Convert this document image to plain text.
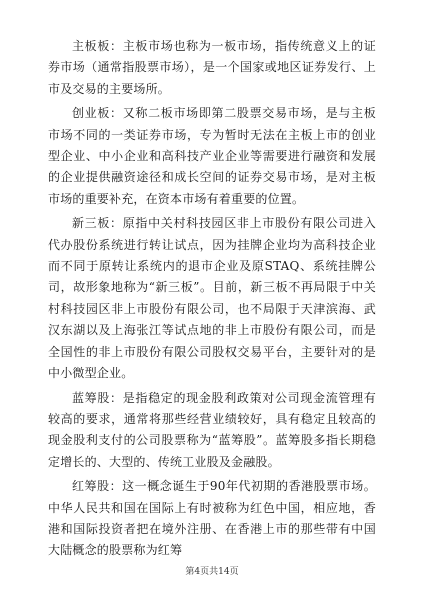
主板板：主板市场也称为一板市场，指传统意义上的证券市场（通常指股票市场），是一个国家或地区证券发行、上市及交易的主要场所。

创业板：又称二板市场即第二股票交易市场，是与主板市场不同的一类证券市场，专为暂时无法在主板上市的创业型企业、中小企业和高科技产业企业等需要进行融资和发展的企业提供融资途径和成长空间的证券交易市场，是对主板市场的重要补充，在资本市场有着重要的位置。

新三板：原指中关村科技园区非上市股份有限公司进入代办股份系统进行转让试点，因为挂牌企业均为高科技企业而不同于原转让系统内的退市企业及原STAQ、系统挂牌公司，故形象地称为“新三板”。目前，新三板不再局限于中关村科技园区非上市股份有限公司，也不局限于天津滨海、武汉东湖以及上海张江等试点地的非上市股份有限公司，而是全国性的非上市股份有限公司股权交易平台，主要针对的是中小微型企业。

蓝筹股：是指稳定的现金股利政策对公司现金流管理有较高的要求，通常将那些经营业绩较好，具有稳定且较高的现金股利支付的公司股票称为“蓝筹股”。蓝筹股多指长期稳定增长的、大型的、传统工业股及金融股。

红筹股：这一概念诞生于90年代初期的香港股票市场。中华人民共和国在国际上有时被称为红色中国，相应地，香港和国际投资者把在境外注册、在香港上市的那些带有中国大陆概念的股票称为红筹

第4页共14页
